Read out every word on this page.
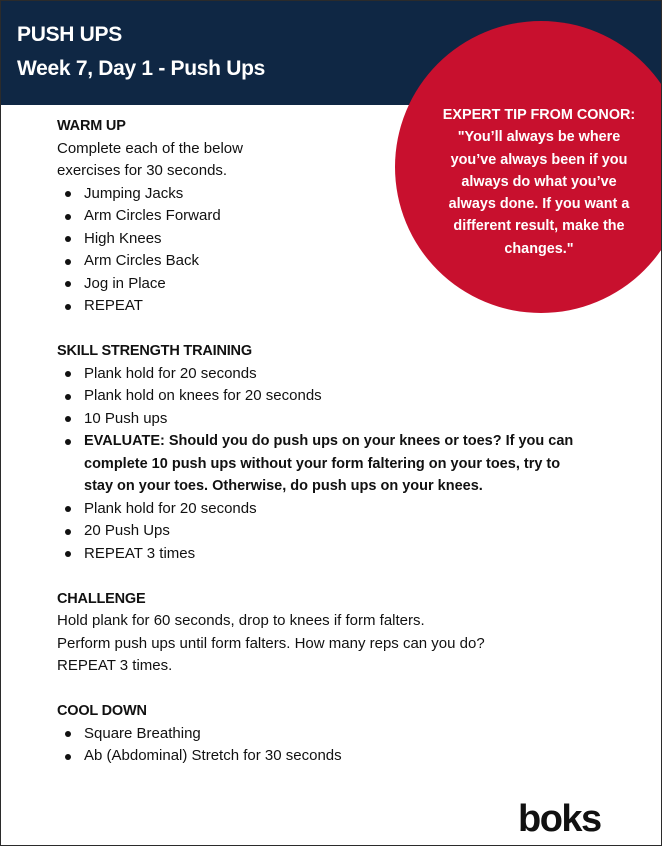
PUSH UPS
Week 7, Day 1 - Push Ups
EXPERT TIP FROM CONOR:
"You’ll always be where
you’ve always been if you
always do what you’ve
always done. If you want a
different result, make the
changes."
WARM UP
Complete each of the below
exercises for 30 seconds.
Jumping Jacks
Arm Circles Forward
High Knees
Arm Circles Back
Jog in Place
REPEAT
SKILL STRENGTH TRAINING
Plank hold for 20 seconds
Plank hold on knees for 20 seconds
10 Push ups
EVALUATE: Should you do push ups on your knees or toes? If you can
complete 10 push ups without your form faltering on your toes, try to
stay on your toes. Otherwise, do push ups on your knees.
Plank hold for 20 seconds
20 Push Ups
REPEAT 3 times
CHALLENGE
Hold plank for 60 seconds, drop to knees if form falters.
Perform push ups until form falters. How many reps can you do?
REPEAT 3 times.
COOL DOWN
Square Breathing
Ab (Abdominal) Stretch for 30 seconds
boks
